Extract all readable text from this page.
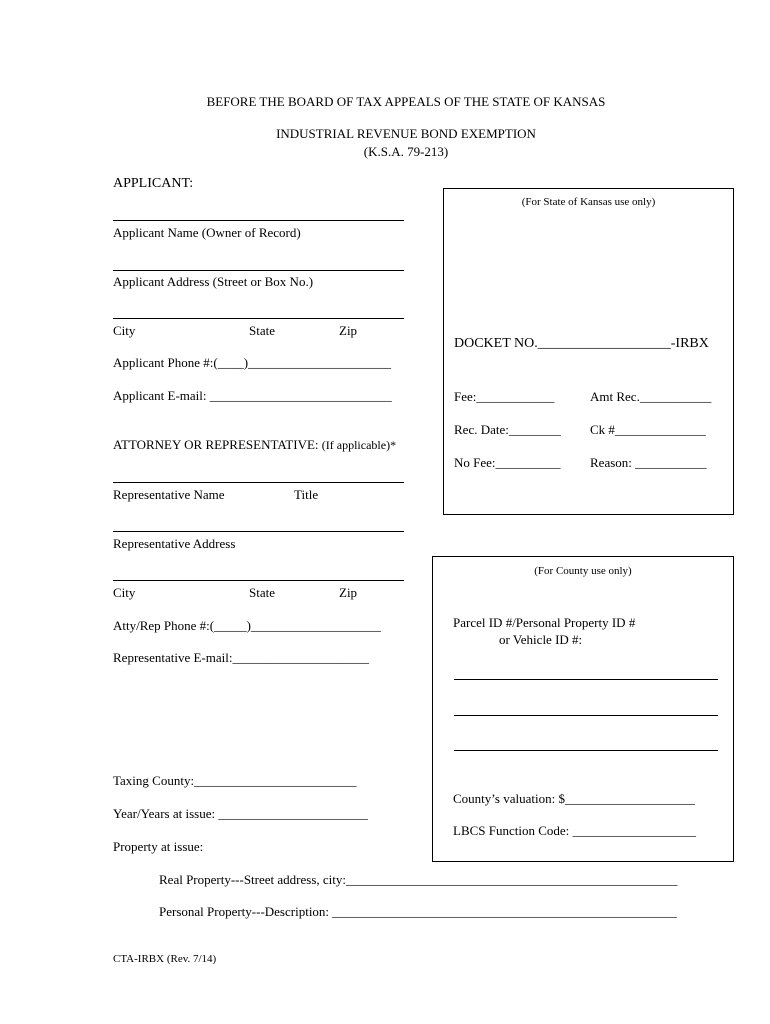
BEFORE THE BOARD OF TAX APPEALS OF THE STATE OF KANSAS
INDUSTRIAL REVENUE BOND EXEMPTION
(K.S.A. 79-213)
APPLICANT:
Applicant Name (Owner of Record)
Applicant Address (Street or Box No.)
City	State	Zip
Applicant Phone #:(____)______________________
Applicant E-mail: ____________________________
ATTORNEY OR REPRESENTATIVE: (If applicable)*
Representative Name	Title
Representative Address
City	State	Zip
Atty/Rep Phone #:(_____)____________________
Representative E-mail:_____________________
(For State of Kansas use only)
DOCKET NO.___________________-IRBX
Fee:____________	Amt Rec.___________
Rec. Date:________ Ck #______________
No Fee:__________ Reason: ___________
(For County use only)
Parcel ID #/Personal Property ID #
or Vehicle ID #:
County’s valuation: $____________________
LBCS Function Code: ___________________
Taxing County:_________________________
Year/Years at issue: _______________________
Property at issue:
Real Property---Street address, city:___________________________________________________
Personal Property---Description: _____________________________________________________
CTA-IRBX (Rev. 7/14)
